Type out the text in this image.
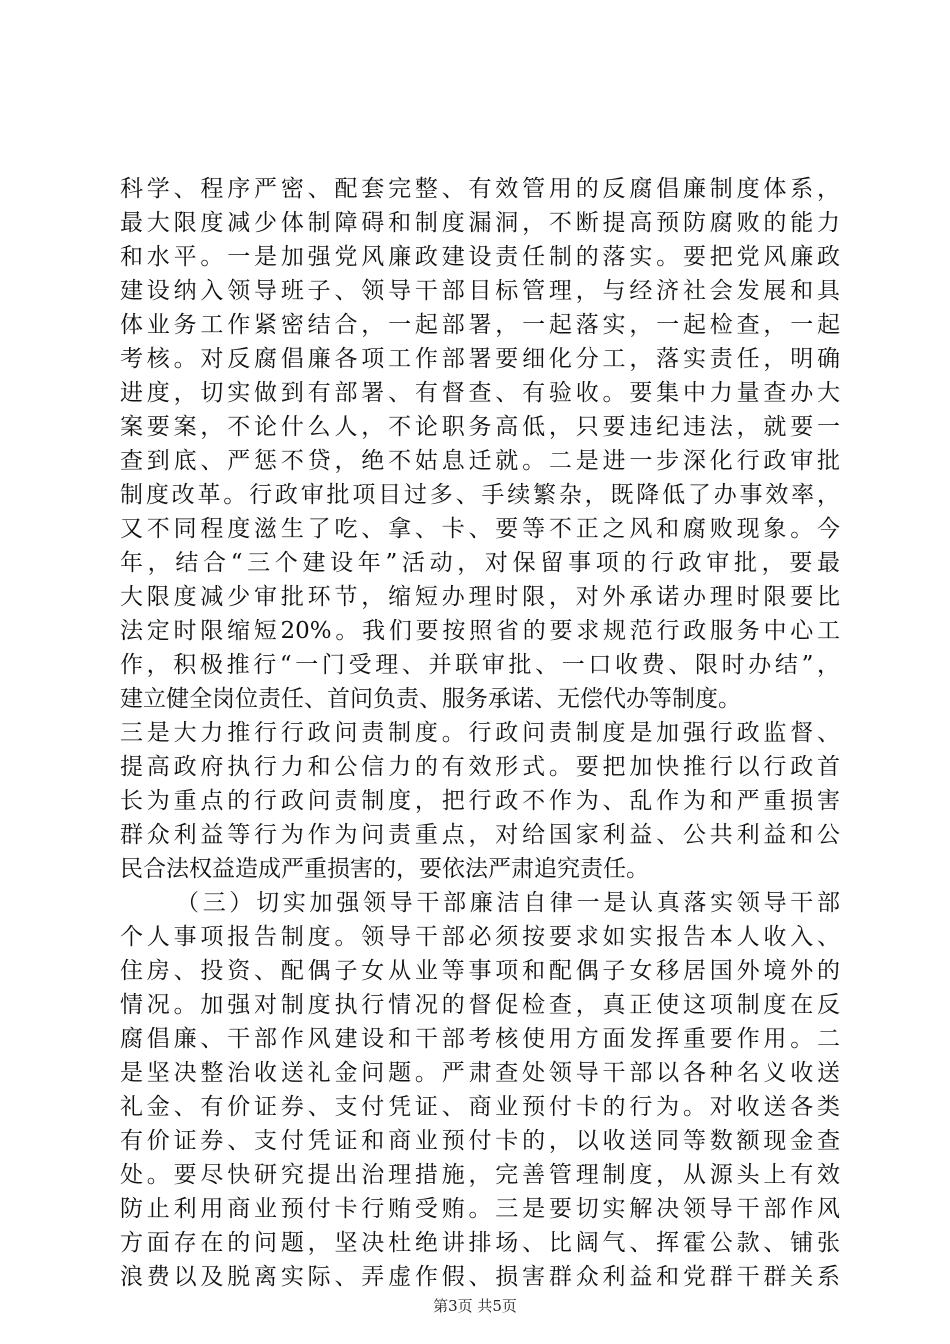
科学、程序严密、配套完整、有效管用的反腐倡廉制度体系，
最大限度减少体制障碍和制度漏洞，不断提高预防腐败的能力
和水平。一是加强党风廉政建设责任制的落实。要把党风廉政
建设纳入领导班子、领导干部目标管理，与经济社会发展和具
体业务工作紧密结合，一起部署，一起落实，一起检查，一起
考核。对反腐倡廉各项工作部署要细化分工，落实责任，明确
进度，切实做到有部署、有督查、有验收。要集中力量查办大
案要案，不论什么人，不论职务高低，只要违纪违法，就要一
查到底、严惩不贷，绝不姑息迁就。二是进一步深化行政审批
制度改革。行政审批项目过多、手续繁杂，既降低了办事效率，
又不同程度滋生了吃、拿、卡、要等不正之风和腐败现象。今
年，结合“三个建设年”活动，对保留事项的行政审批，要最
大限度减少审批环节，缩短办理时限，对外承诺办理时限要比
法定时限缩短20%。我们要按照省的要求规范行政服务中心工
作，积极推行“一门受理、并联审批、一口收费、限时办结”，
建立健全岗位责任、首问负责、服务承诺、无偿代办等制度。
三是大力推行行政问责制度。行政问责制度是加强行政监督、
提高政府执行力和公信力的有效形式。要把加快推行以行政首
长为重点的行政问责制度，把行政不作为、乱作为和严重损害
群众利益等行为作为问责重点，对给国家利益、公共利益和公
民合法权益造成严重损害的，要依法严肃追究责任。
（三）切实加强领导干部廉洁自律一是认真落实领导干部
个人事项报告制度。领导干部必须按要求如实报告本人收入、
住房、投资、配偶子女从业等事项和配偶子女移居国外境外的
情况。加强对制度执行情况的督促检查，真正使这项制度在反
腐倡廉、干部作风建设和干部考核使用方面发挥重要作用。二
是坚决整治收送礼金问题。严肃查处领导干部以各种名义收送
礼金、有价证券、支付凭证、商业预付卡的行为。对收送各类
有价证券、支付凭证和商业预付卡的，以收送同等数额现金查
处。要尽快研究提出治理措施，完善管理制度，从源头上有效
防止利用商业预付卡行贿受贿。三是要切实解决领导干部作风
方面存在的问题，坚决杜绝讲排场、比阔气、挥霍公款、铺张
浪费以及脱离实际、弄虚作假、损害群众利益和党群干群关系
第3页 共5页
